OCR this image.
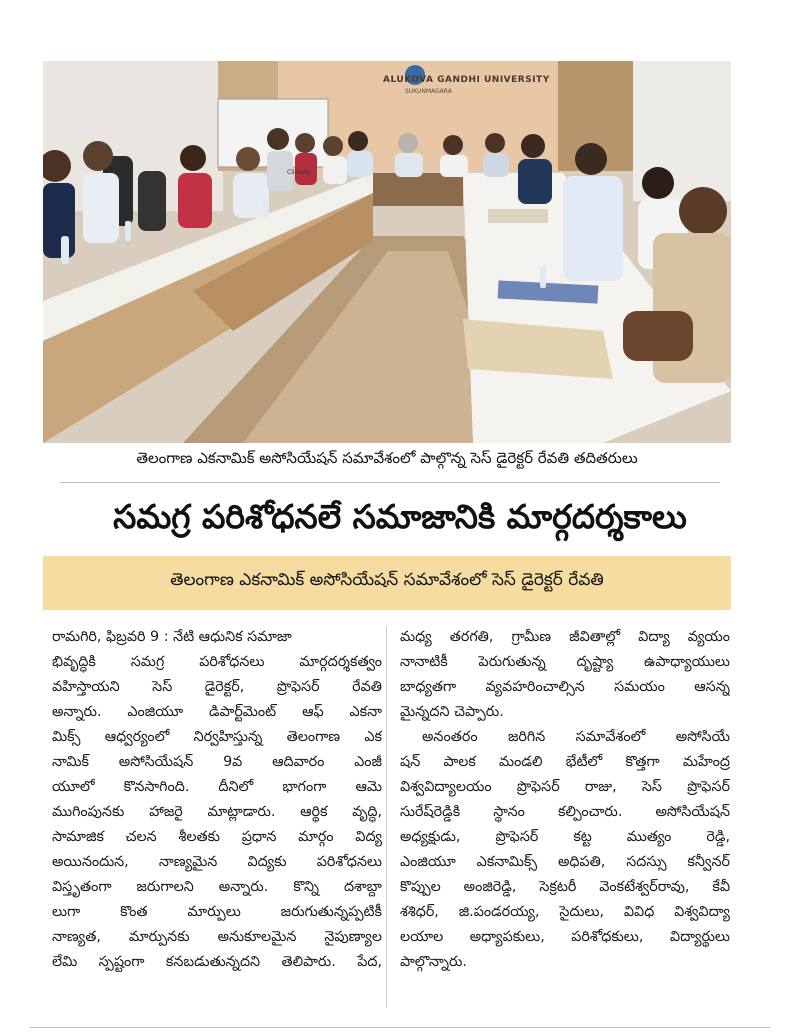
ALUKOVA GANDHI UNIVERSITY
SUKUNMAGARA
Climate
తెలంగాణ ఎకనామిక్ అసోసియేషన్ సమావేశంలో పాల్గొన్న సెస్ డైరెక్టర్ రేవతి తదితరులు
సమగ్ర పరిశోధనలే సమాజానికి మార్గదర్శకాలు
తెలంగాణ ఎకనామిక్ అసోసియేషన్ సమావేశంలో సెస్ డైరెక్టర్ రేవతి
రామగిరి, ఫిబ్రవరి 9 : నేటి ఆధునిక సమాజా
భివృద్ధికి సమగ్ర పరిశోధనలు మార్గదర్శకత్వం
వహిస్తాయని సెస్ డైరెక్టర్, ప్రొఫెసర్ రేవతి
అన్నారు. ఎంజియూ డిపార్ట్‌మెంట్ ఆఫ్ ఎకనా
మిక్స్ ఆధ్వర్యంలో నిర్వహిస్తున్న తెలంగాణ ఎక
నామిక్ అసోసియేషన్ 9వ ఆదివారం ఎంజీ
యూలో కొనసాగింది. దీనిలో భాగంగా ఆమె
ముగింపునకు హాజరై మాట్లాడారు. ఆర్థిక వృద్ధి,
సామాజిక చలన శీలతకు ప్రధాన మార్గం విద్య
అయినందున, నాణ్యమైన విద్యకు పరిశోధనలు
విస్తృతంగా జరుగాలని అన్నారు. కొన్ని దశాబ్దా
లుగా కొంత మార్పులు జరుగుతున్నప్పటికీ
నాణ్యత, మార్పునకు అనుకూలమైన నైపుణ్యాల
లేమి స్పష్టంగా కనబడుతున్నదని తెలిపారు. పేద,
మధ్య తరగతి, గ్రామీణ జీవితాల్లో విద్యా వ్యయం
నానాటికీ పెరుగుతున్న దృష్ట్యా ఉపాధ్యాయులు
బాధ్యతగా వ్యవహరించాల్సిన సమయం ఆసన్న
మైన్నదని చెప్పారు.
అనంతరం జరిగిన సమావేశంలో అసోసియే
షన్ పాలక మండలి భేటీలో కొత్తగా మహేంద్ర
విశ్వవిద్యాలయం ప్రొఫెసర్ రాజు, సెస్ ప్రొఫెసర్
సురేష్‌రెడ్డికి స్థానం కల్పించారు. అసోసియేషన్
అధ్యక్షుడు, ప్రొఫెసర్ కట్ట ముత్యం రెడ్డి,
ఎంజియూ ఎకనామిక్స్ అధిపతి, సదస్సు కన్వీనర్
కొప్పుల అంజిరెడ్డి, సెక్రటరీ వెంకటేశ్వర్‌రావు, కేవీ
శశిధర్, జి.పండరయ్య, సైదులు, వివిధ విశ్వవిద్యా
లయాల అధ్యాపకులు, పరిశోధకులు, విద్యార్థులు
పాల్గొన్నారు.
